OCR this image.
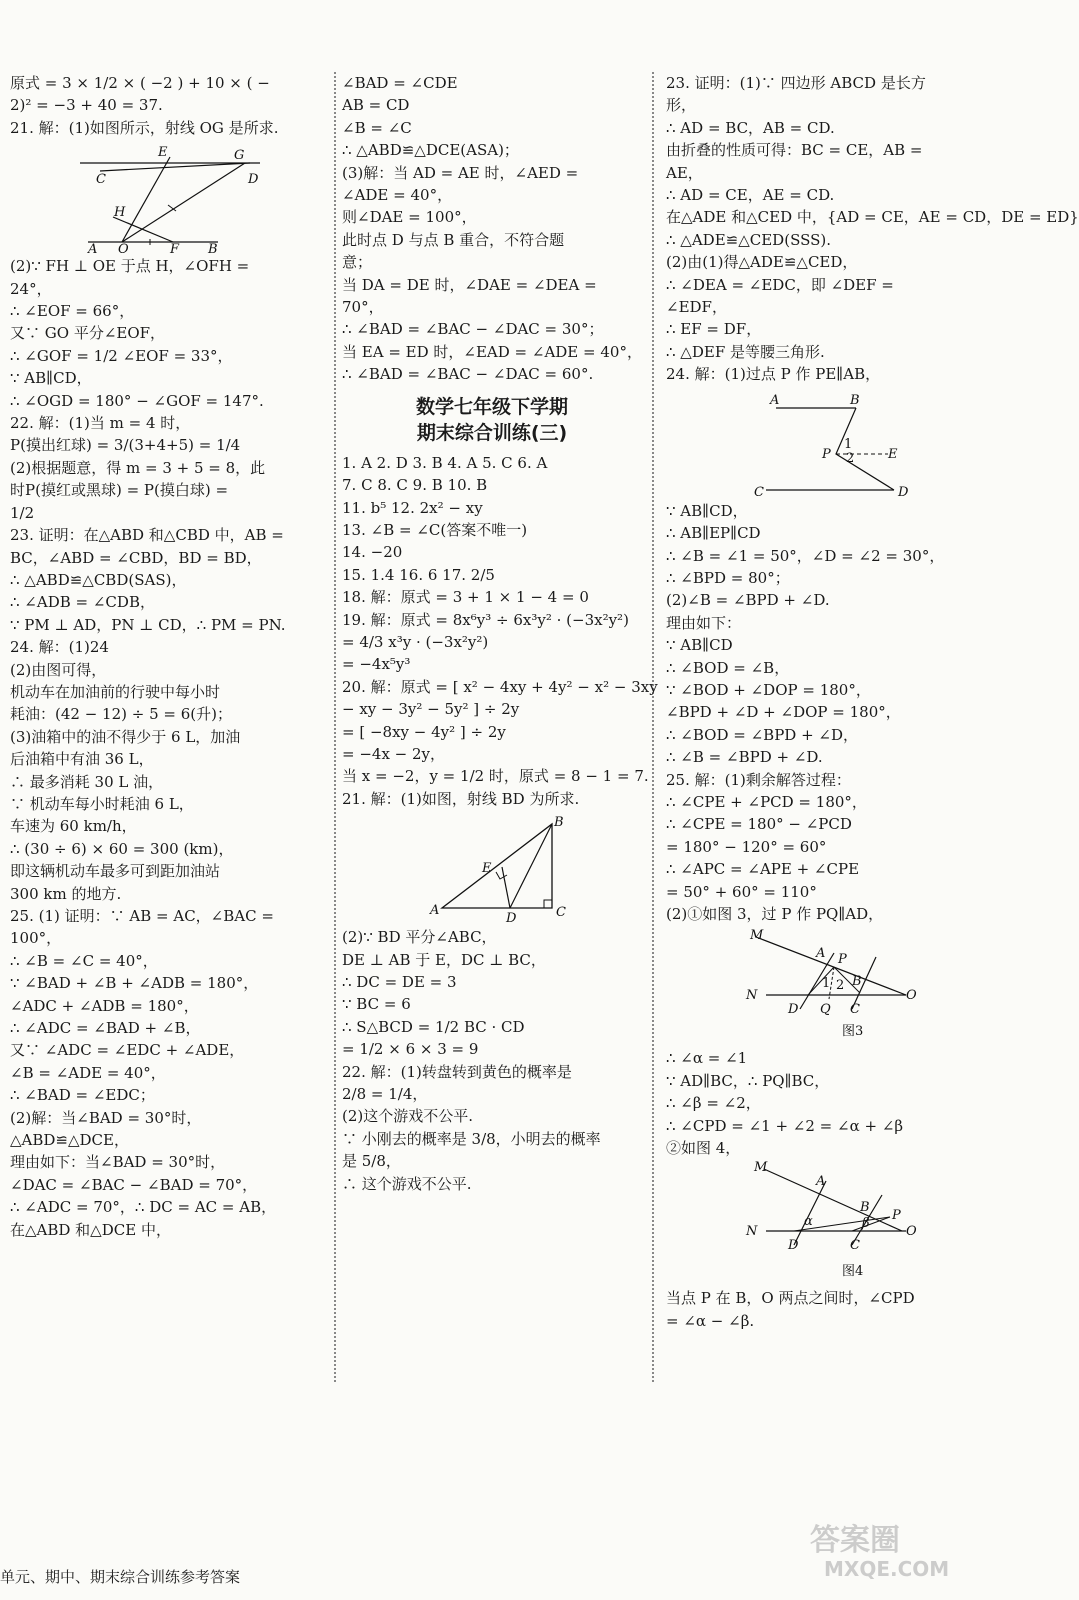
原式 = 3 × 1/2 × ( −2 ) + 10 × ( −
2)² = −3 + 40 = 37.
21. 解：(1)如图所示，射线 OG 是所求.
E	G
C	D
H
A O	F B
(2)∵ FH ⊥ OE 于点 H，∠OFH =
24°，
∴ ∠EOF = 66°，
又∵ GO 平分∠EOF，
∴ ∠GOF = 1/2 ∠EOF = 33°，
∵ AB∥CD，
∴ ∠OGD = 180° − ∠GOF = 147°.
22. 解：(1)当 m = 4 时，
P(摸出红球) = 3/(3+4+5) = 1/4
(2)根据题意，得 m = 3 + 5 = 8，此
时P(摸红或黑球) = P(摸白球) =
1/2
23. 证明：在△ABD 和△CBD 中，AB =
BC，∠ABD = ∠CBD，BD = BD，
∴ △ABD≌△CBD(SAS)，
∴ ∠ADB = ∠CDB，
∵ PM ⊥ AD，PN ⊥ CD，∴ PM = PN.
24. 解：(1)24
(2)由图可得，
机动车在加油前的行驶中每小时
耗油：(42 − 12) ÷ 5 = 6(升)；
(3)油箱中的油不得少于 6 L，加油
后油箱中有油 36 L，
∴ 最多消耗 30 L 油，
∵ 机动车每小时耗油 6 L，
车速为 60 km/h，
∴ (30 ÷ 6) × 60 = 300 (km)，
即这辆机动车最多可到距加油站
300 km 的地方.
25. (1) 证明：∵ AB = AC，∠BAC =
100°，
∴ ∠B = ∠C = 40°，
∵ ∠BAD + ∠B + ∠ADB = 180°，
∠ADC + ∠ADB = 180°，
∴ ∠ADC = ∠BAD + ∠B，
又∵ ∠ADC = ∠EDC + ∠ADE，
∠B = ∠ADE = 40°，
∴ ∠BAD = ∠EDC；
(2)解：当∠BAD = 30°时，
△ABD≌△DCE，
理由如下：当∠BAD = 30°时，
∠DAC = ∠BAC − ∠BAD = 70°，
∴ ∠ADC = 70°，∴ DC = AC = AB，
在△ABD 和△DCE 中，
∠BAD = ∠CDE
AB = CD
∠B = ∠C
∴ △ABD≌△DCE(ASA)；
(3)解：当 AD = AE 时，∠AED =
∠ADE = 40°，
则∠DAE = 100°，
此时点 D 与点 B 重合，不符合题
意；
当 DA = DE 时，∠DAE = ∠DEA =
70°，
∴ ∠BAD = ∠BAC − ∠DAC = 30°；
当 EA = ED 时，∠EAD = ∠ADE = 40°，
∴ ∠BAD = ∠BAC − ∠DAC = 60°.
数学七年级下学期
期末综合训练(三)
1. A 2. D 3. B 4. A 5. C 6. A
7. C 8. C 9. B 10. B
11. b⁵ 12. 2x² − xy
13. ∠B = ∠C(答案不唯一)
14. −20
15. 1.4 16. 6 17. 2/5
18. 解：原式 = 3 + 1 × 1 − 4 = 0
19. 解：原式 = 8x⁶y³ ÷ 6x³y² · (−3x²y²)
= 4/3 x³y · (−3x²y²)
= −4x⁵y³
20. 解：原式 = [ x² − 4xy + 4y² − x² − 3xy
− xy − 3y² − 5y² ] ÷ 2y
= [ −8xy − 4y² ] ÷ 2y
= −4x − 2y，
当 x = −2，y = 1/2 时，原式 = 8 − 1 = 7.
21. 解：(1)如图，射线 BD 为所求.
B
E
A
D	C
(2)∵ BD 平分∠ABC，
DE ⊥ AB 于 E，DC ⊥ BC，
∴ DC = DE = 3
∵ BC = 6
∴ S△BCD = 1/2 BC · CD
= 1/2 × 6 × 3 = 9
22. 解：(1)转盘转到黄色的概率是
2/8 = 1/4，
(2)这个游戏不公平.
∵ 小刚去的概率是 3/8，小明去的概率
是 5/8，
∴ 这个游戏不公平.
23. 证明：(1)∵ 四边形 ABCD 是长方
形，
∴ AD = BC，AB = CD.
由折叠的性质可得：BC = CE，AB =
AE，
∴ AD = CE，AE = CD.
在△ADE 和△CED 中，{AD = CE，AE = CD，DE = ED}
∴ △ADE≌△CED(SSS).
(2)由(1)得△ADE≌△CED，
∴ ∠DEA = ∠EDC，即 ∠DEF =
∠EDF，
∴ EF = DF，
∴ △DEF 是等腰三角形.
24. 解：(1)过点 P 作 PE∥AB，
A	B
1
2
P	E
C	D
∵ AB∥CD，
∴ AB∥EP∥CD
∴ ∠B = ∠1 = 50°，∠D = ∠2 = 30°，
∴ ∠BPD = 80°；
(2)∠B = ∠BPD + ∠D.
理由如下：
∵ AB∥CD
∴ ∠BOD = ∠B，
∵ ∠BOD + ∠DOP = 180°，
∠BPD + ∠D + ∠DOP = 180°，
∴ ∠BOD = ∠BPD + ∠D，
∴ ∠B = ∠BPD + ∠D.
25. 解：(1)剩余解答过程：
∴ ∠CPE + ∠PCD = 180°，
∴ ∠CPE = 180° − ∠PCD
= 180° − 120° = 60°
∴ ∠APC = ∠APE + ∠CPE
= 50° + 60° = 110°
(2)①如图 3，过 P 作 PQ∥AD，
M
A P
N
1 2
D Q
B
C
O
图3
∴ ∠α = ∠1
∵ AD∥BC，∴ PQ∥BC，
∴ ∠β = ∠2，
∴ ∠CPD = ∠1 + ∠2 = ∠α + ∠β
②如图 4，
M
A
N
α
B
β
P
D	C
O
图4
当点 P 在 B，O 两点之间时，∠CPD
= ∠α − ∠β.
单元、期中、期末综合训练参考答案
答案圈
MXQE.COM
